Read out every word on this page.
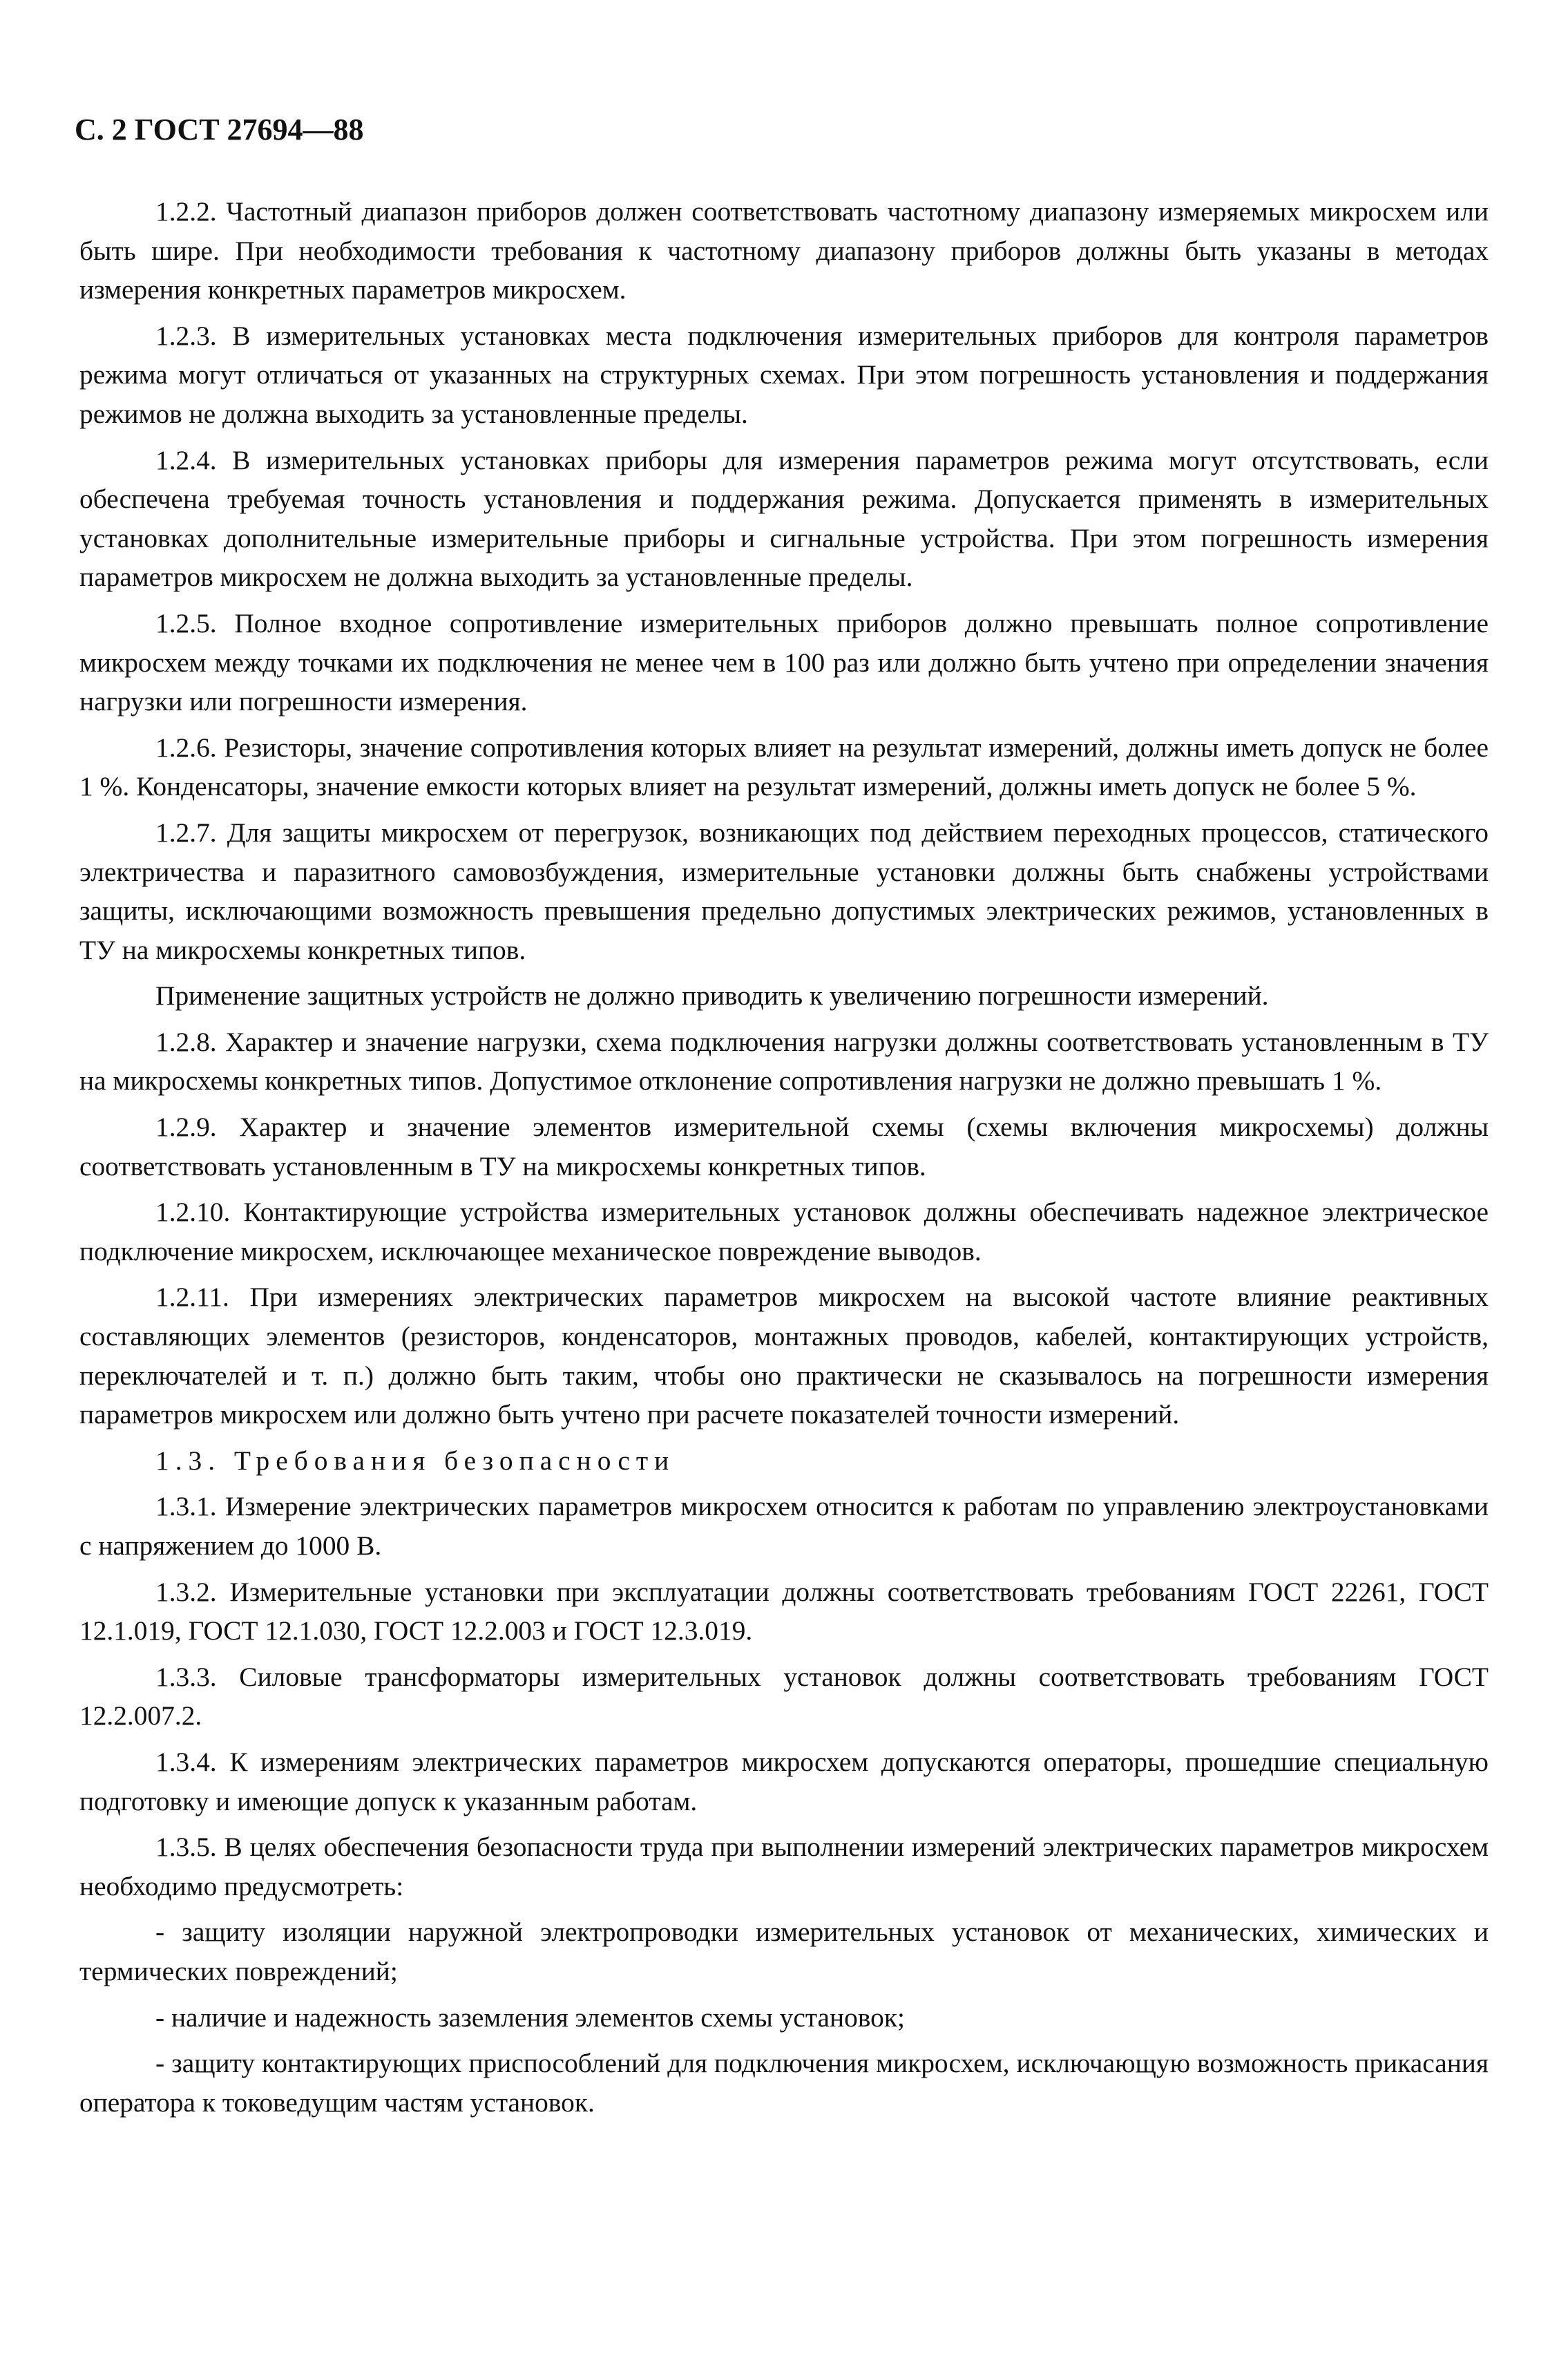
С. 2 ГОСТ 27694—88

1.2.2. Частотный диапазон приборов должен соответствовать частотному диапазону измеряемых микросхем или быть шире. При необходимости требования к частотному диапазону приборов должны быть указаны в методах измерения конкретных параметров микросхем.

1.2.3. В измерительных установках места подключения измерительных приборов для контроля параметров режима могут отличаться от указанных на структурных схемах. При этом погрешность установления и поддержания режимов не должна выходить за установленные пределы.

1.2.4. В измерительных установках приборы для измерения параметров режима могут отсутствовать, если обеспечена требуемая точность установления и поддержания режима. Допускается применять в измерительных установках дополнительные измерительные приборы и сигнальные устройства. При этом погрешность измерения параметров микросхем не должна выходить за установленные пределы.

1.2.5. Полное входное сопротивление измерительных приборов должно превышать полное сопротивление микросхем между точками их подключения не менее чем в 100 раз или должно быть учтено при определении значения нагрузки или погрешности измерения.

1.2.6. Резисторы, значение сопротивления которых влияет на результат измерений, должны иметь допуск не более 1 %. Конденсаторы, значение емкости которых влияет на результат измерений, должны иметь допуск не более 5 %.

1.2.7. Для защиты микросхем от перегрузок, возникающих под действием переходных процессов, статического электричества и паразитного самовозбуждения, измерительные установки должны быть снабжены устройствами защиты, исключающими возможность превышения предельно допустимых электрических режимов, установленных в ТУ на микросхемы конкретных типов.

Применение защитных устройств не должно приводить к увеличению погрешности измерений.

1.2.8. Характер и значение нагрузки, схема подключения нагрузки должны соответствовать установленным в ТУ на микросхемы конкретных типов. Допустимое отклонение сопротивления нагрузки не должно превышать 1 %.

1.2.9. Характер и значение элементов измерительной схемы (схемы включения микросхемы) должны соответствовать установленным в ТУ на микросхемы конкретных типов.

1.2.10. Контактирующие устройства измерительных установок должны обеспечивать надежное электрическое подключение микросхем, исключающее механическое повреждение выводов.

1.2.11. При измерениях электрических параметров микросхем на высокой частоте влияние реактивных составляющих элементов (резисторов, конденсаторов, монтажных проводов, кабелей, контактирующих устройств, переключателей и т. п.) должно быть таким, чтобы оно практически не сказывалось на погрешности измерения параметров микросхем или должно быть учтено при расчете показателей точности измерений.

1.3. Требования безопасности

1.3.1. Измерение электрических параметров микросхем относится к работам по управлению электроустановками с напряжением до 1000 В.

1.3.2. Измерительные установки при эксплуатации должны соответствовать требованиям ГОСТ 22261, ГОСТ 12.1.019, ГОСТ 12.1.030, ГОСТ 12.2.003 и ГОСТ 12.3.019.

1.3.3. Силовые трансформаторы измерительных установок должны соответствовать требованиям ГОСТ 12.2.007.2.

1.3.4. К измерениям электрических параметров микросхем допускаются операторы, прошедшие специальную подготовку и имеющие допуск к указанным работам.

1.3.5. В целях обеспечения безопасности труда при выполнении измерений электрических параметров микросхем необходимо предусмотреть:

- защиту изоляции наружной электропроводки измерительных установок от механических, химических и термических повреждений;

- наличие и надежность заземления элементов схемы установок;

- защиту контактирующих приспособлений для подключения микросхем, исключающую возможность прикасания оператора к токоведущим частям установок.
